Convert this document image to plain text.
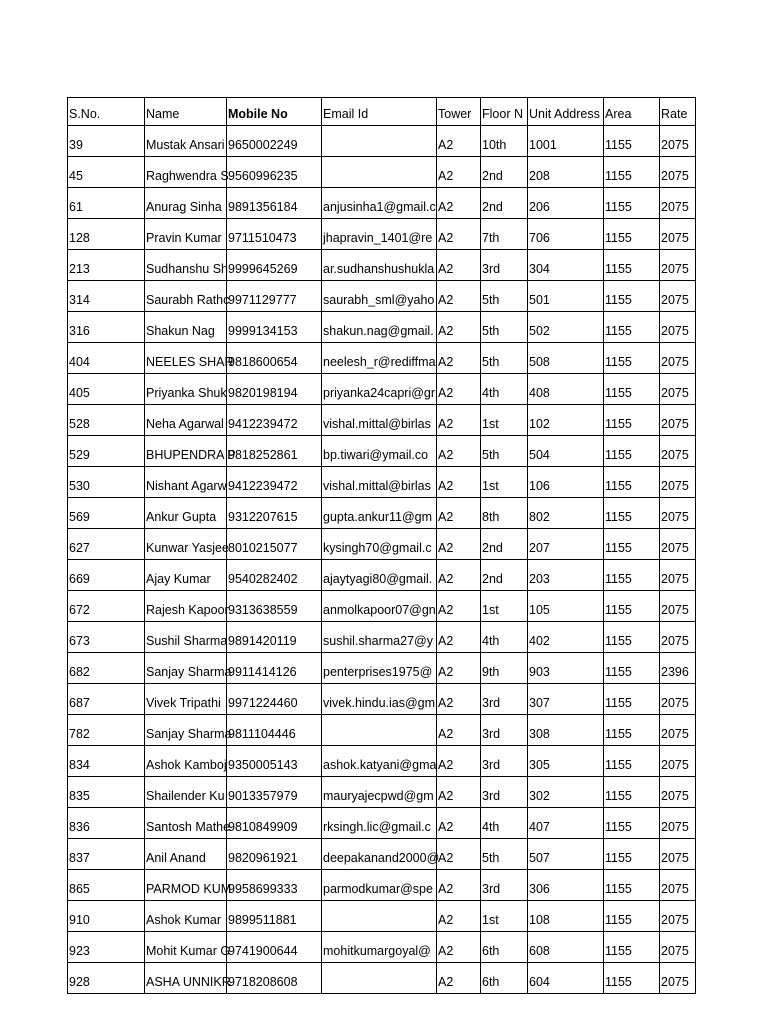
S.No.	Name	Mobile No	Email Id	Tower	Floor N	Unit Address	Area	Rate
39	Mustak Ansari	9650002249		A2	10th	1001	1155	2075
45	Raghwendra S	9560996235		A2	2nd	208	1155	2075
61	Anurag Sinha	9891356184	anjusinha1@gmail.c	A2	2nd	206	1155	2075
128	Pravin Kumar	9711510473	jhapravin_1401@re	A2	7th	706	1155	2075
213	Sudhanshu Sh	9999645269	ar.sudhanshushukla	A2	3rd	304	1155	2075
314	Saurabh Rathc	9971129777	saurabh_sml@yaho	A2	5th	501	1155	2075
316	Shakun Nag	9999134153	shakun.nag@gmail.	A2	5th	502	1155	2075
404	NEELES SHAR	9818600654	neelesh_r@rediffma	A2	5th	508	1155	2075
405	Priyanka Shuk	9820198194	priyanka24capri@gr	A2	4th	408	1155	2075
528	Neha Agarwal	9412239472	vishal.mittal@birlas	A2	1st	102	1155	2075
529	BHUPENDRA P	9818252861	bp.tiwari@ymail.co	A2	5th	504	1155	2075
530	Nishant Agarw	9412239472	vishal.mittal@birlas	A2	1st	106	1155	2075
569	Ankur Gupta	9312207615	gupta.ankur11@gm	A2	8th	802	1155	2075
627	Kunwar Yasjee	8010215077	kysingh70@gmail.c	A2	2nd	207	1155	2075
669	Ajay Kumar	9540282402	ajaytyagi80@gmail.	A2	2nd	203	1155	2075
672	Rajesh Kapoor	9313638559	anmolkapoor07@gn	A2	1st	105	1155	2075
673	Sushil Sharma	9891420119	sushil.sharma27@y	A2	4th	402	1155	2075
682	Sanjay Sharma	9911414126	penterprises1975@	A2	9th	903	1155	2396
687	Vivek Tripathi	9971224460	vivek.hindu.ias@gm	A2	3rd	307	1155	2075
782	Sanjay Sharma	9811104446		A2	3rd	308	1155	2075
834	Ashok Kamboj	9350005143	ashok.katyani@gma	A2	3rd	305	1155	2075
835	Shailender Ku	9013357979	mauryajecpwd@gm	A2	3rd	302	1155	2075
836	Santosh Mathe	9810849909	rksingh.lic@gmail.c	A2	4th	407	1155	2075
837	Anil Anand	9820961921	deepakanand2000@	A2	5th	507	1155	2075
865	PARMOD KUM	9958699333	parmodkumar@spe	A2	3rd	306	1155	2075
910	Ashok Kumar	9899511881		A2	1st	108	1155	2075
923	Mohit Kumar G	9741900644	mohitkumargoyal@	A2	6th	608	1155	2075
928	ASHA UNNIKR	9718208608		A2	6th	604	1155	2075
